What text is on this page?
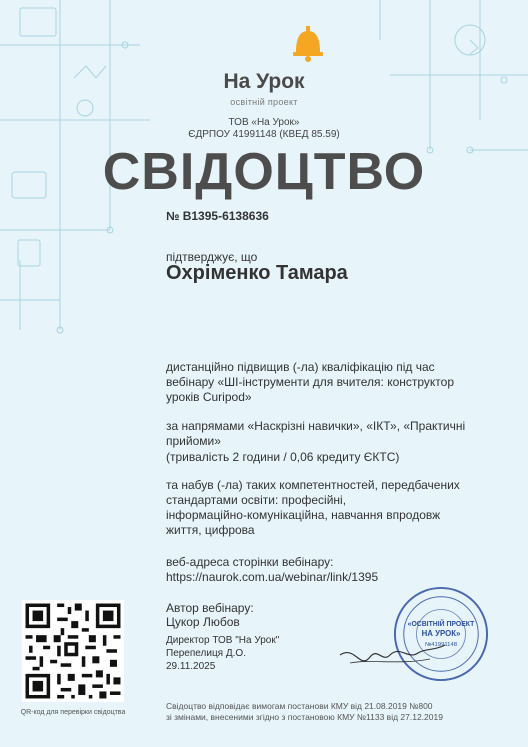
На Урок
освітній проект
ТОВ «На Урок»
ЄДРПОУ 41991148 (КВЕД 85.59)
СВІДОЦТВО
№ B1395-6138636
підтверджує, що
Охріменко Тамара
дистанційно підвищив (-ла) кваліфікацію під час
вебінару «ШІ-інструменти для вчителя: конструктор
уроків Curipod»
за напрямами «Наскрізні навички», «ІКТ», «Практичні
прийоми»
(тривалість 2 години / 0,06 кредиту ЄКТС)
та набув (-ла) таких компетентностей, передбачених
стандартами освіти: професійні,
інформаційно-комунікаційна, навчання впродовж
життя, цифрова
веб-адреса сторінки вебінару:
https://naurok.com.ua/webinar/link/1395
Автор вебінару:
Цукор Любов
Директор ТОВ "На Урок"
Перепелиця Д.О.
29.11.2025
QR-код для перевірки свідоцтва
«ОСВІТНІЙ ПРОЕКТ
НА УРОК»
№41991148
Свідоцтво відповідає вимогам постанови КМУ від 21.08.2019 №800
зі змінами, внесеними згідно з постановою КМУ №1133 від 27.12.2019
